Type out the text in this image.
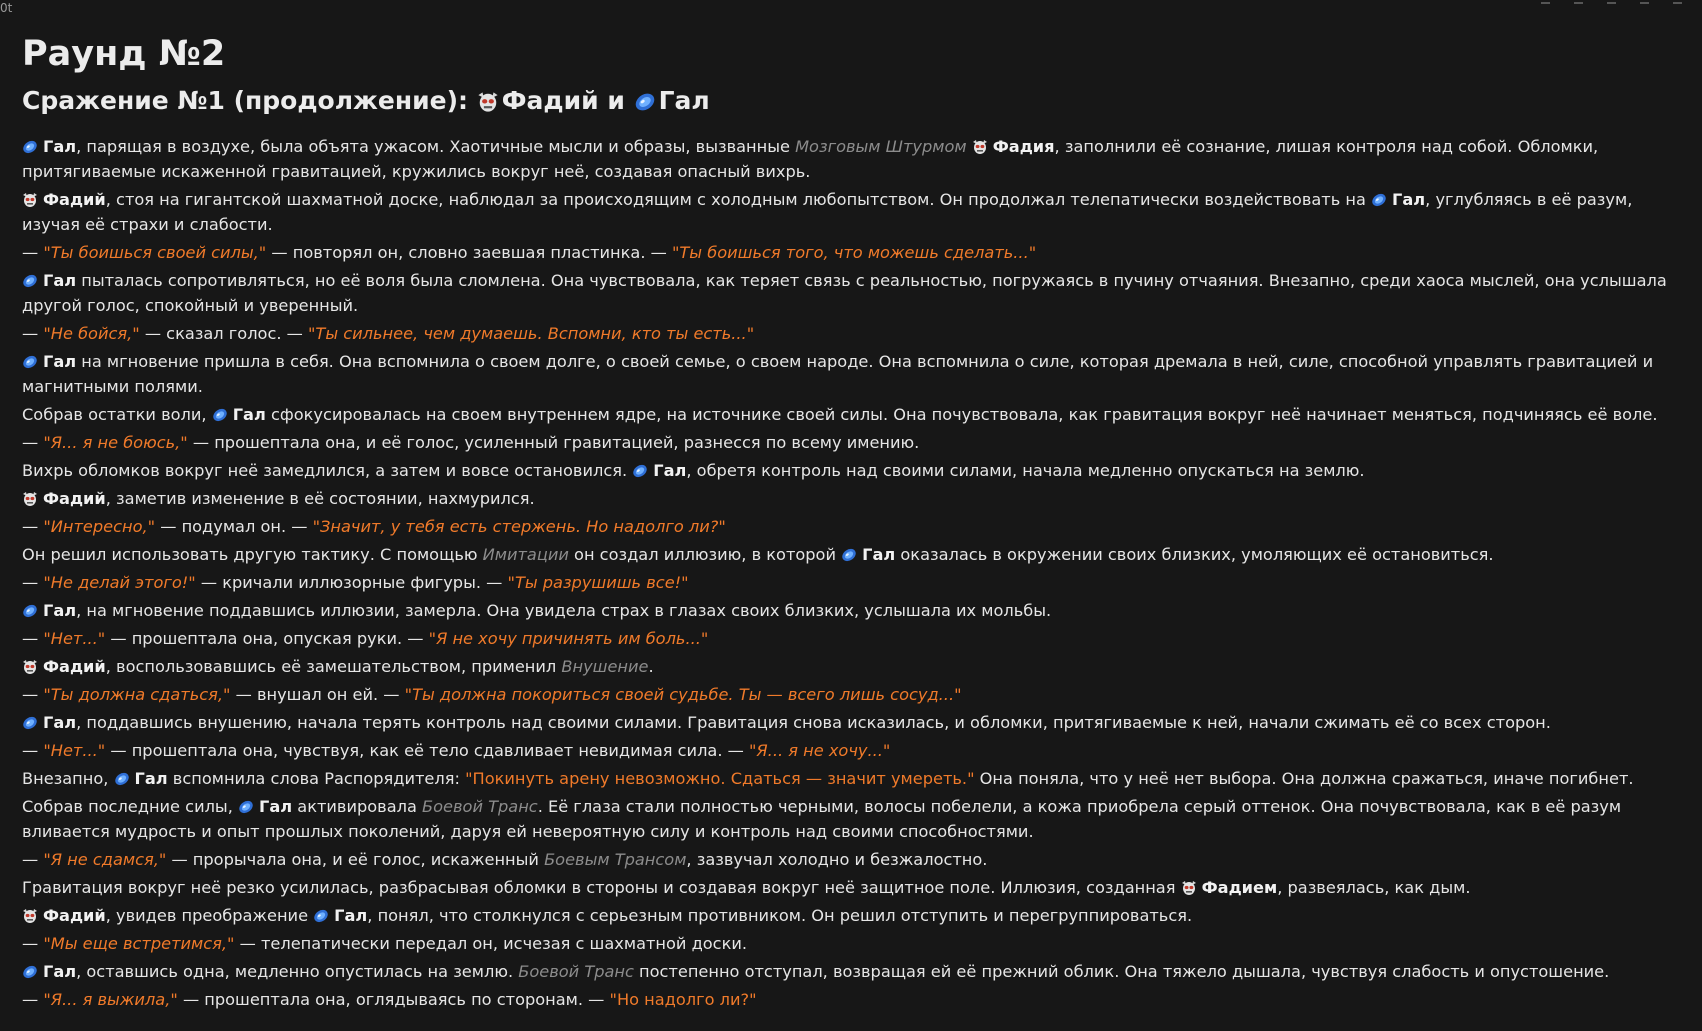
0t
Раунд №2
Сражение №1 (продолжение): Фадий и Гал
Гал, парящая в воздухе, была объята ужасом. Хаотичные мысли и образы, вызванные Мозговым Штурмом Фадия, заполнили её сознание, лишая контроля над собой. Обломки, притягиваемые искаженной гравитацией, кружились вокруг неё, создавая опасный вихрь.
Фадий, стоя на гигантской шахматной доске, наблюдал за происходящим с холодным любопытством. Он продолжал телепатически воздействовать на
Гал, углубляясь в её разум, изучая её страхи и слабости.
— "Ты боишься своей силы," — повторял он, словно заевшая пластинка. — "Ты боишься того, что можешь сделать..."
Гал пыталась сопротивляться, но её воля была сломлена. Она чувствовала, как теряет связь с реальностью, погружаясь в пучину отчаяния. Внезапно, среди хаоса мыслей, она услышала другой голос, спокойный и уверенный.
— "Не бойся," — сказал голос. — "Ты сильнее, чем думаешь. Вспомни, кто ты есть..."
Гал на мгновение пришла в себя. Она вспомнила о своем долге, о своей семье, о своем народе. Она вспомнила о силе, которая дремала в ней, силе, способной управлять гравитацией и магнитными полями.
Собрав остатки воли,
Гал сфокусировалась на своем внутреннем ядре, на источнике своей силы. Она почувствовала, как гравитация вокруг неё начинает меняться, подчиняясь её воле.
— "Я... я не боюсь," — прошептала она, и её голос, усиленный гравитацией, разнесся по всему имению.
Вихрь обломков вокруг неё замедлился, а затем и вовсе остановился.
Гал, обретя контроль над своими силами, начала медленно опускаться на землю.
Фадий, заметив изменение в её состоянии, нахмурился.
— "Интересно," — подумал он. — "Значит, у тебя есть стержень. Но надолго ли?"
Он решил использовать другую тактику. С помощью Имитации он создал иллюзию, в которой
Гал оказалась в окружении своих близких, умоляющих её остановиться.
— "Не делай этого!" — кричали иллюзорные фигуры. — "Ты разрушишь все!"
Гал, на мгновение поддавшись иллюзии, замерла. Она увидела страх в глазах своих близких, услышала их мольбы.
— "Нет..." — прошептала она, опуская руки. — "Я не хочу причинять им боль..."
Фадий, воспользовавшись её замешательством, применил Внушение.
— "Ты должна сдаться," — внушал он ей. — "Ты должна покориться своей судьбе. Ты — всего лишь сосуд..."
Гал, поддавшись внушению, начала терять контроль над своими силами. Гравитация снова исказилась, и обломки, притягиваемые к ней, начали сжимать её со всех сторон.
— "Нет..." — прошептала она, чувствуя, как её тело сдавливает невидимая сила. — "Я... я не хочу..."
Внезапно,
Гал вспомнила слова Распорядителя: "Покинуть арену невозможно. Сдаться — значит умереть." Она поняла, что у неё нет выбора. Она должна сражаться, иначе погибнет.
Собрав последние силы,
Гал активировала Боевой Транс. Её глаза стали полностью черными, волосы побелели, а кожа приобрела серый оттенок. Она почувствовала, как в её разум вливается мудрость и опыт прошлых поколений, даруя ей невероятную силу и контроль над своими способностями.
— "Я не сдамся," — прорычала она, и её голос, искаженный Боевым Трансом, зазвучал холодно и безжалостно.
Гравитация вокруг неё резко усилилась, разбрасывая обломки в стороны и создавая вокруг неё защитное поле. Иллюзия, созданная
Фадием, развеялась, как дым.
Фадий, увидев преображение
Гал, понял, что столкнулся с серьезным противником. Он решил отступить и перегруппироваться.
— "Мы еще встретимся," — телепатически передал он, исчезая с шахматной доски.
Гал, оставшись одна, медленно опустилась на землю. Боевой Транс постепенно отступал, возвращая ей её прежний облик. Она тяжело дышала, чувствуя слабость и опустошение.
— "Я... я выжила," — прошептала она, оглядываясь по сторонам. — "Но надолго ли?"
